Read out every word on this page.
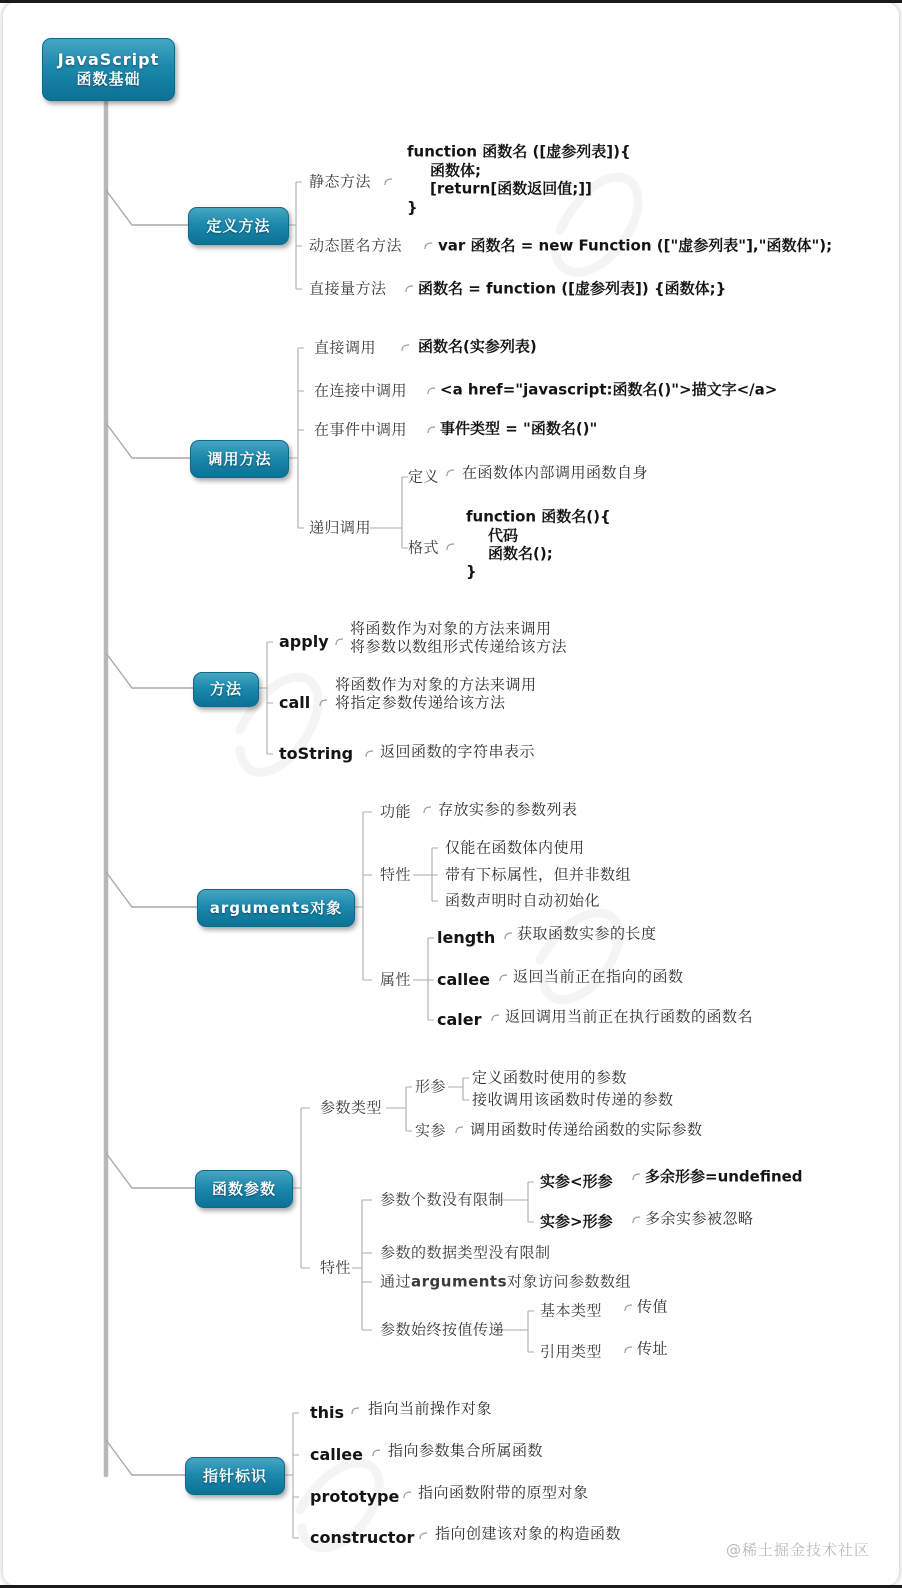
JavaScript
函数基础
定义方法
调用方法
方法
arguments对象
函数参数
指针标识
静态方法
function 函数名 ([虚参列表]){
函数体;
[return[函数返回值;]]
}
动态匿名方法 var 函数名 = new Function (["虚参列表"],"函数体");
直接量方法 函数名 = function ([虚参列表]) {函数体;}
直接调用	函数名(实参列表)
在连接中调用 <a href="javascript:函数名()">描文字</a>
在事件中调用 事件类型 = "函数名()"
递归调用
定义 在函数体内部调用函数自身
格式
function 函数名(){
代码
函数名();
}
apply
将函数作为对象的方法来调用
将参数以数组形式传递给该方法
call
将函数作为对象的方法来调用
将指定参数传递给该方法
toString 返回函数的字符串表示
功能 存放实参的参数列表
特性
仅能在函数体内使用
带有下标属性，但并非数组
函数声明时自动初始化
属性
length 获取函数实参的长度
callee 返回当前正在指向的函数
caler 返回调用当前正在执行函数的函数名
参数类型
形参 定义函数时使用的参数
接收调用该函数时传递的参数
实参 调用函数时传递给函数的实际参数
特性
参数个数没有限制
实参<形参 多余形参=undefined
实参>形参 多余实参被忽略
参数的数据类型没有限制
通过arguments对象访问参数数组
参数始终按值传递
基本类型 传值
引用类型 传址
this 指向当前操作对象
callee 指向参数集合所属函数
prototype 指向函数附带的原型对象
constructor 指向创建该对象的构造函数
@稀土掘金技术社区
